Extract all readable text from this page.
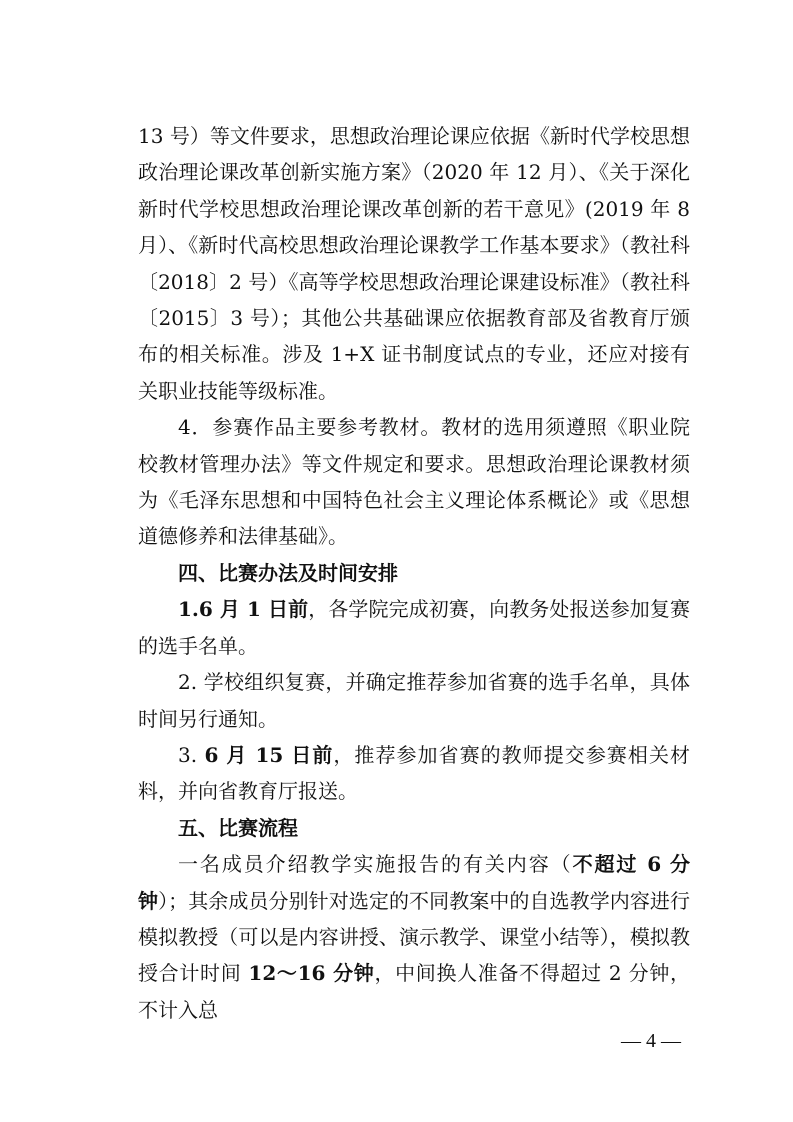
13 号）等文件要求，思想政治理论课应依据《新时代学校思想政治理论课改革创新实施方案》（2020 年 12 月）、《关于深化新时代学校思想政治理论课改革创新的若干意见》(2019 年 8 月）、《新时代高校思想政治理论课教学工作基本要求》（教社科〔2018〕2 号）《高等学校思想政治理论课建设标准》（教社科〔2015〕3 号）；其他公共基础课应依据教育部及省教育厅颁布的相关标准。涉及 1+X 证书制度试点的专业，还应对接有关职业技能等级标准。

4．参赛作品主要参考教材。教材的选用须遵照《职业院校教材管理办法》等文件规定和要求。思想政治理论课教材须为《毛泽东思想和中国特色社会主义理论体系概论》或《思想道德修养和法律基础》。

四、比赛办法及时间安排

1.6 月 1 日前，各学院完成初赛，向教务处报送参加复赛的选手名单。

2. 学校组织复赛，并确定推荐参加省赛的选手名单，具体时间另行通知。

3. 6 月 15 日前，推荐参加省赛的教师提交参赛相关材料，并向省教育厅报送。

五、比赛流程

一名成员介绍教学实施报告的有关内容（不超过 6 分钟）；其余成员分别针对选定的不同教案中的自选教学内容进行模拟教授（可以是内容讲授、演示教学、课堂小结等），模拟教授合计时间 12～16 分钟，中间换人准备不得超过 2 分钟，不计入总

— 4 —
